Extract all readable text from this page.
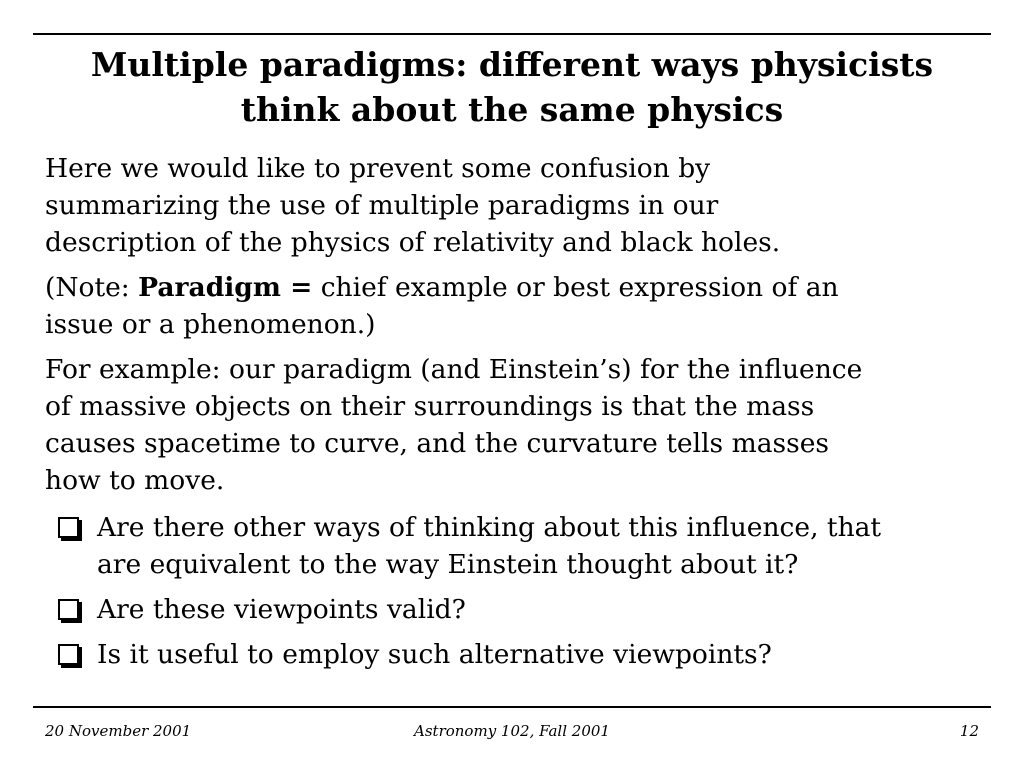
Multiple paradigms: different ways physicists
think about the same physics
Here we would like to prevent some confusion by
summarizing the use of multiple paradigms in our
description of the physics of relativity and black holes.
(Note: Paradigm = chief example or best expression of an
issue or a phenomenon.)
For example: our paradigm (and Einstein’s) for the influence
of massive objects on their surroundings is that the mass
causes spacetime to curve, and the curvature tells masses
how to move.
Are there other ways of thinking about this influence, that
are equivalent to the way Einstein thought about it?
Are these viewpoints valid?
Is it useful to employ such alternative viewpoints?
20 November 2001	Astronomy 102, Fall 2001	12
